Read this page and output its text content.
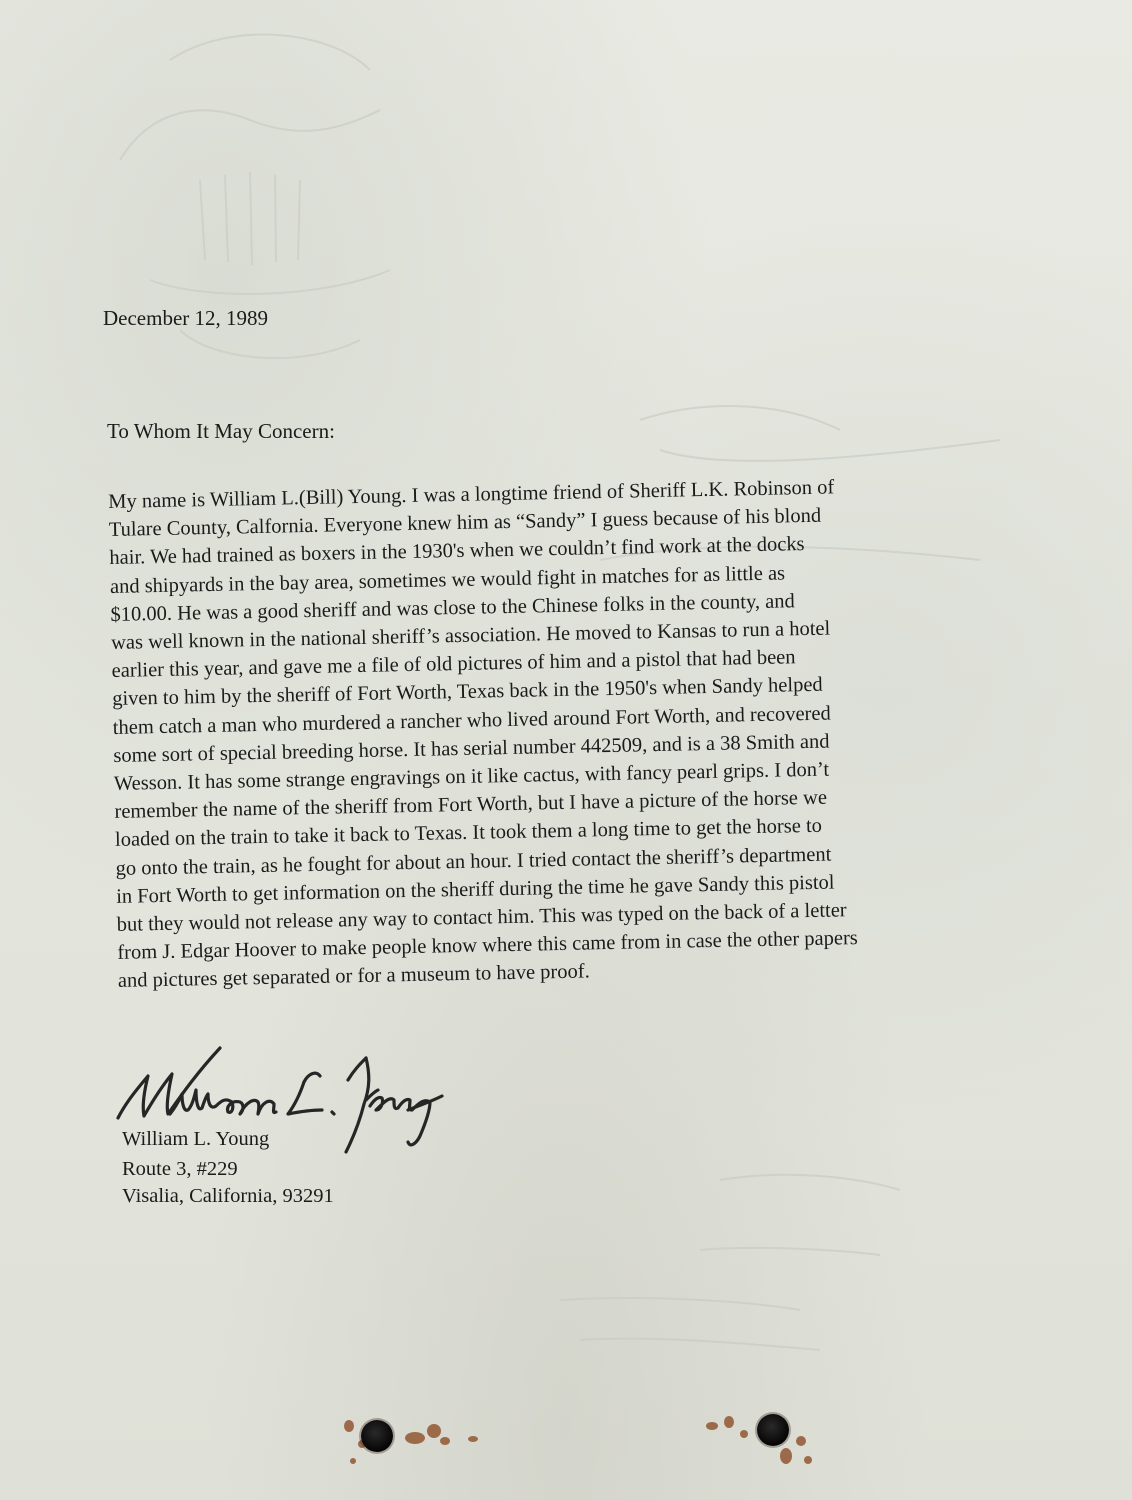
December 12, 1989
To Whom It May Concern:
My name is William L.(Bill) Young. I was a longtime friend of Sheriff L.K. Robinson of
Tulare County, Calfornia. Everyone knew him as “Sandy” I guess because of his blond
hair. We had trained as boxers in the 1930's when we couldn’t find work at the docks
and shipyards in the bay area, sometimes we would fight in matches for as little as
$10.00. He was a good sheriff and was close to the Chinese folks in the county, and
was well known in the national sheriff’s association. He moved to Kansas to run a hotel
earlier this year, and gave me a file of old pictures of him and a pistol that had been
given to him by the sheriff of Fort Worth, Texas back in the 1950's when Sandy helped
them catch a man who murdered a rancher who lived around Fort Worth, and recovered
some sort of special breeding horse. It has serial number 442509, and is a 38 Smith and
Wesson. It has some strange engravings on it like cactus, with fancy pearl grips. I don’t
remember the name of the sheriff from Fort Worth, but I have a picture of the horse we
loaded on the train to take it back to Texas. It took them a long time to get the horse to
go onto the train, as he fought for about an hour. I tried contact the sheriff’s department
in Fort Worth to get information on the sheriff during the time he gave Sandy this pistol
but they would not release any way to contact him. This was typed on the back of a letter
from J. Edgar Hoover to make people know where this came from in case the other papers
and pictures get separated or for a museum to have proof.
William L. Young
Route 3, #229
Visalia, California, 93291
